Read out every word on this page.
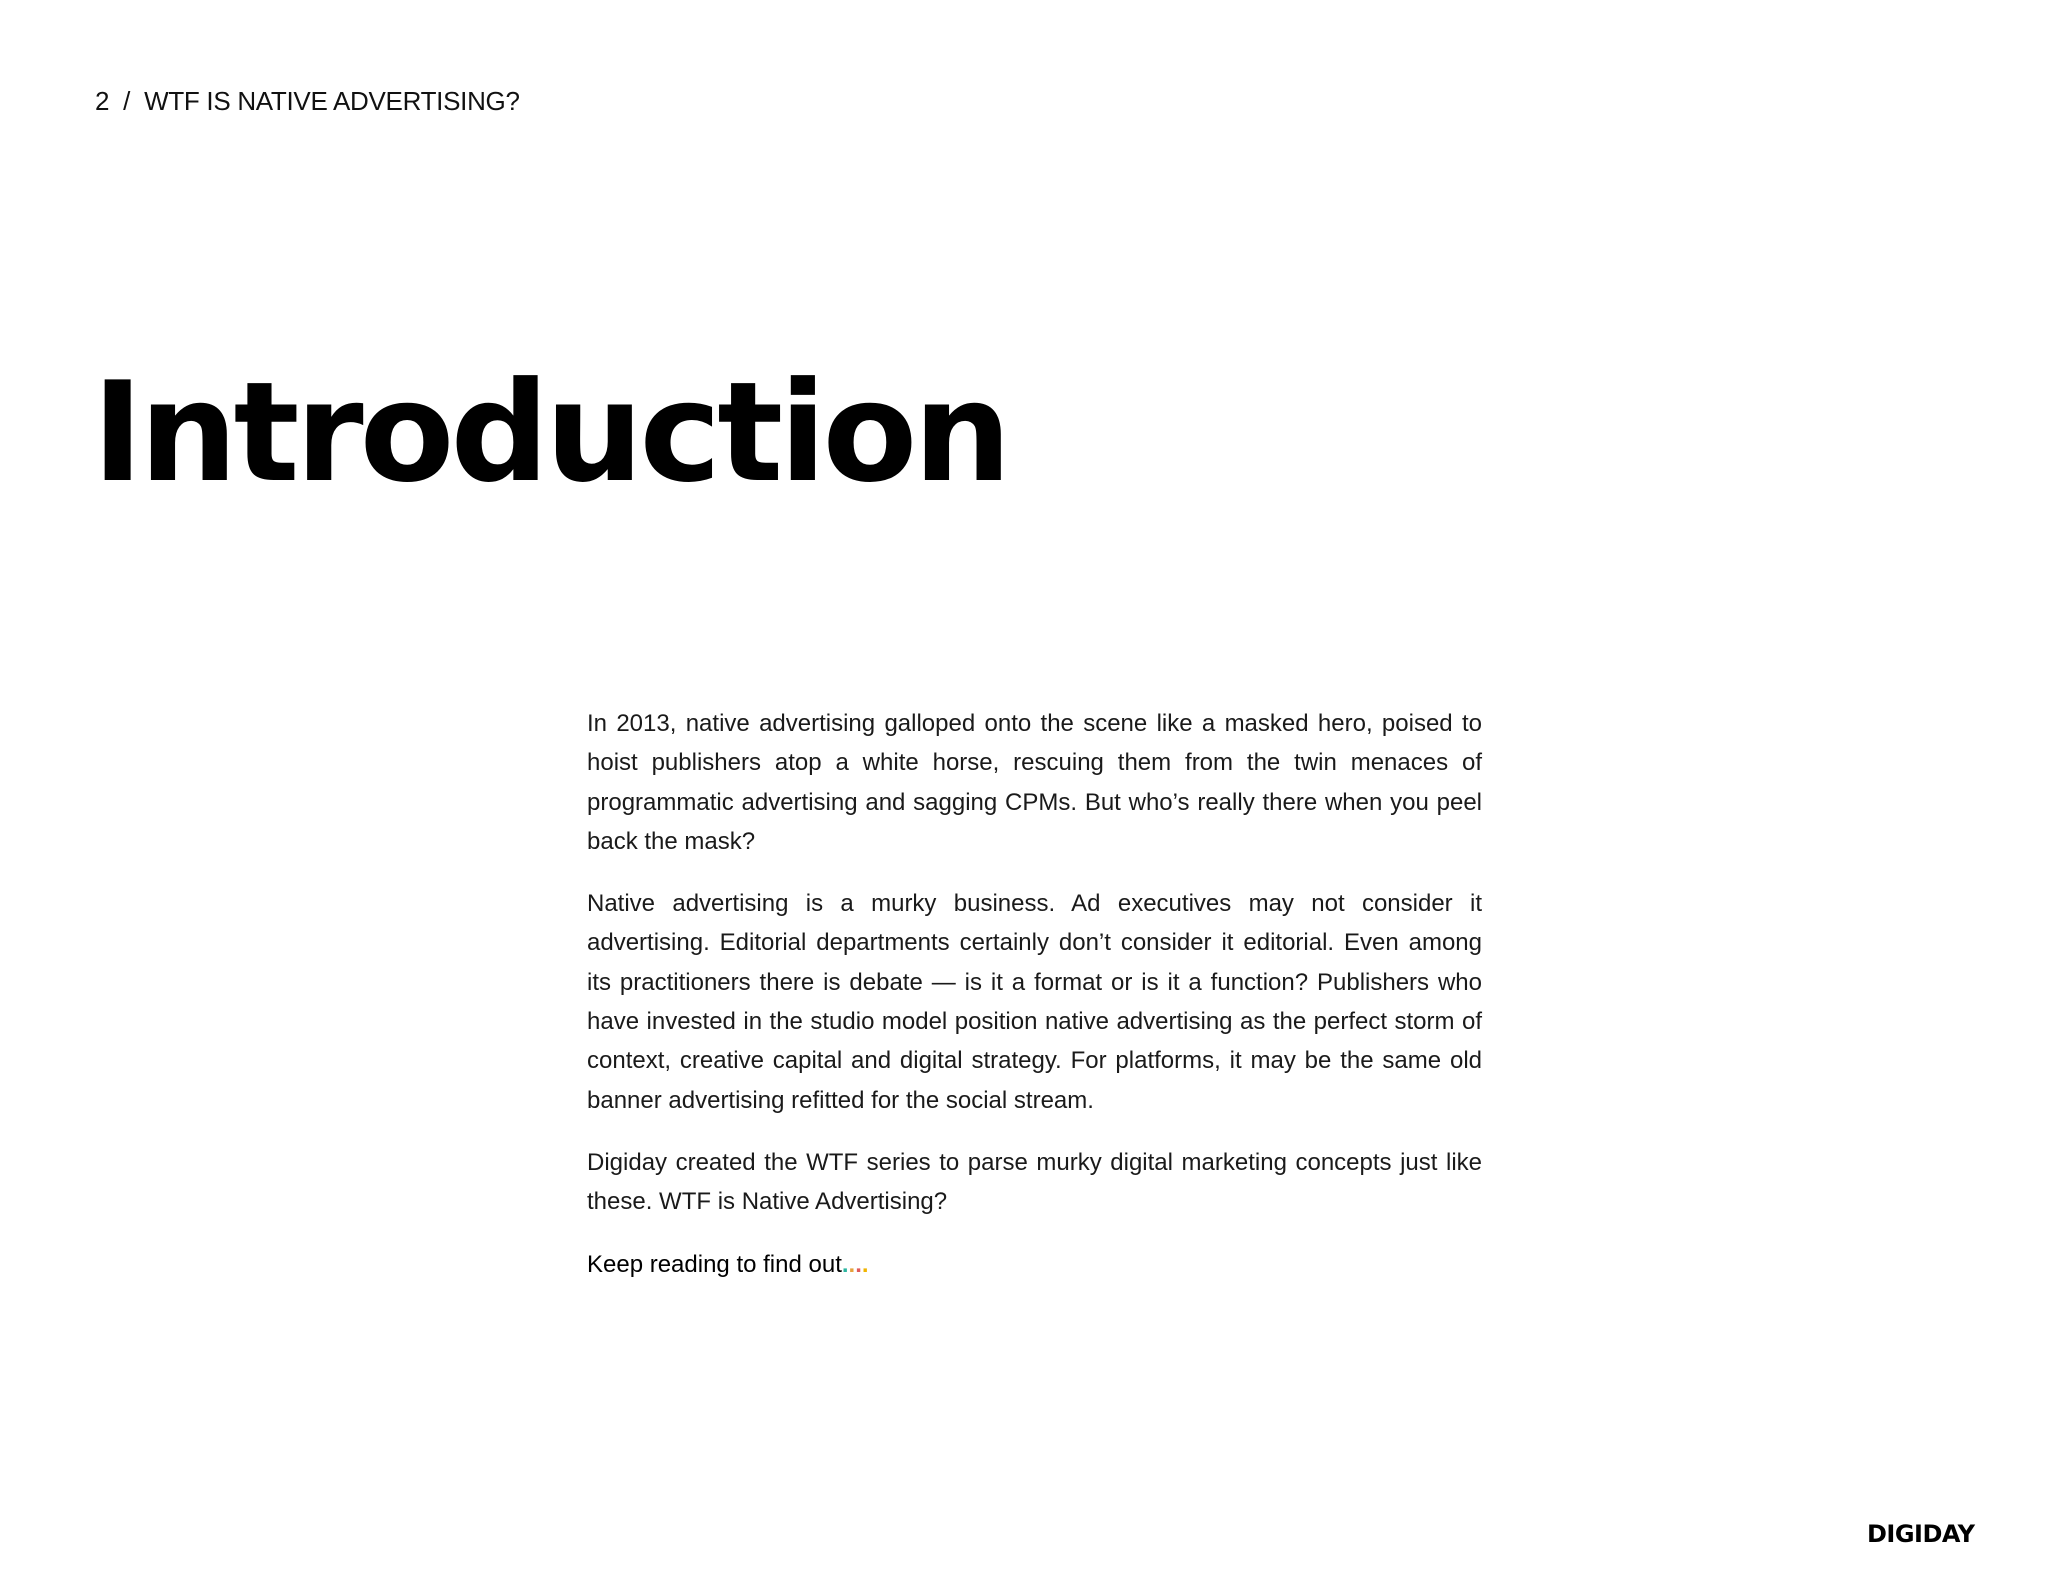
2 / WTF IS NATIVE ADVERTISING?
Introduction

In 2013, native advertising galloped onto the scene like a masked hero, poised to hoist publishers atop a white horse, rescuing them from the twin menaces of programmatic advertising and sagging CPMs. But who’s really there when you peel back the mask?

Native advertising is a murky business. Ad executives may not consider it advertising. Editorial departments certainly don’t consider it editorial. Even among its practitioners there is debate — is it a format or is it a function? Publishers who have invested in the studio model position native advertising as the perfect storm of context, creative capital and digital strategy. For platforms, it may be the same old banner advertising refitted for the social stream.

Digiday created the WTF series to parse murky digital marketing concepts just like these. WTF is Native Advertising?

Keep reading to find out....

DIGIDAY
